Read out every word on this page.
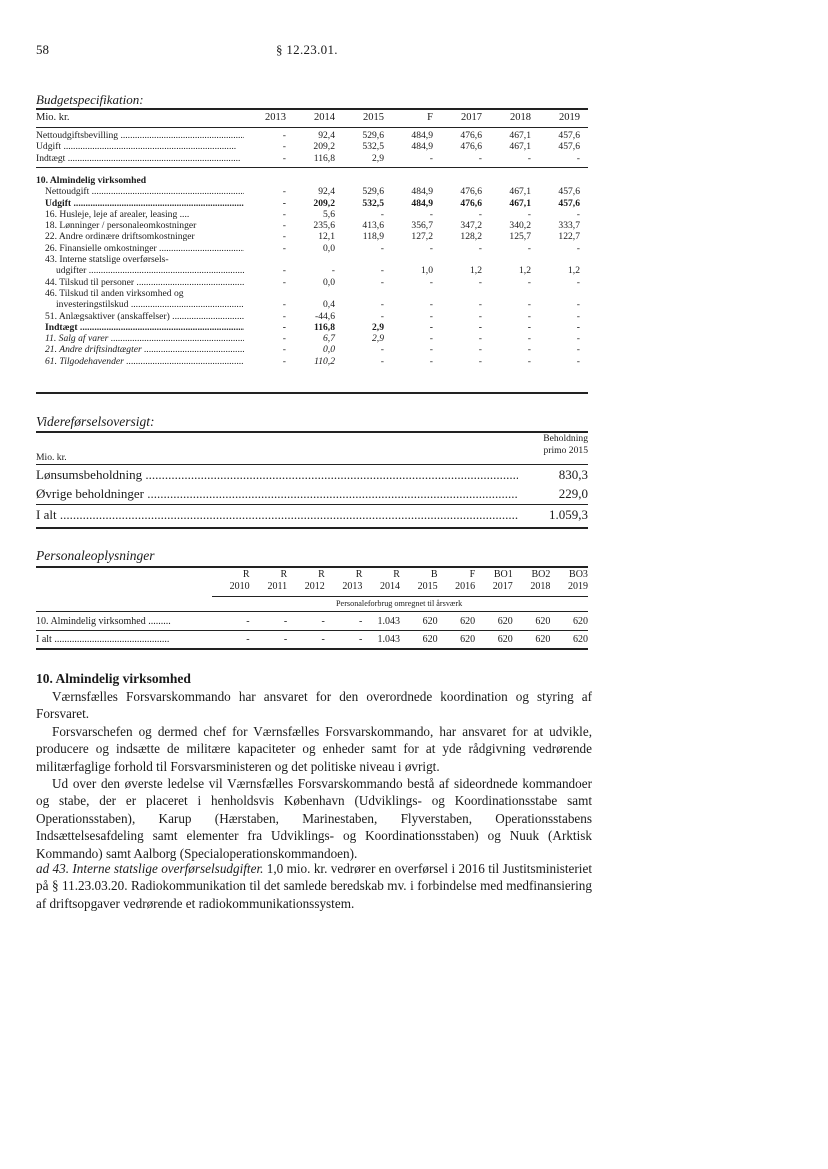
58	§ 12.23.01.
Budgetspecifikation:
Mio. kr.	2013	2014	2015	F	2017	2018	2019
Nettoudgiftsbevilling .....	-	92,4	529,6	484,9	476,6	467,1	457,6
Udgift .....	-	209,2	532,5	484,9	476,6	467,1	457,6
Indtægt .....	-	116,8	2,9	-	-	-	-
10. Almindelig virksomhed
Nettoudgift .....	-	92,4	529,6	484,9	476,6	467,1	457,6
Udgift .....	-	209,2	532,5	484,9	476,6	467,1	457,6
16. Husleje, leje af arealer, leasing ....	-	5,6	-	-	-	-	-
18. Lønninger / personaleomkostninger	-	235,6	413,6	356,7	347,2	340,2	333,7
22. Andre ordinære driftsomkostninger	-	12,1	118,9	127,2	128,2	125,7	122,7
26. Finansielle omkostninger .....	-	0,0	-	-	-	-	-
43. Interne statslige overførsels-
udgifter .....	-	-	-	1,0	1,2	1,2	1,2
44. Tilskud til personer .....	-	0,0	-	-	-	-	-
46. Tilskud til anden virksomhed og
investeringstilskud .....	-	0,4	-	-	-	-	-
51. Anlægsaktiver (anskaffelser) .....	-	-44,6	-	-	-	-	-
Indtægt .....	-	116,8	2,9	-	-	-	-
11. Salg af varer .....	-	6,7	2,9	-	-	-	-
21. Andre driftsindtægter .....	-	0,0	-	-	-	-	-
61. Tilgodehavender .....	-	110,2	-	-	-	-	-
Videreførselsoversigt:
Mio. kr.
Beholdning
primo 2015
Lønsumsbeholdning .....	830,3
Øvrige beholdninger .....	229,0
I alt .....	1.059,3
Personaleoplysninger
R	R	R	R	R	B	F	BO1	BO2	BO3
2010	2011	2012	2013	2014	2015	2016	2017	2018	2019
Personaleforbrug omregnet til årsværk
10. Almindelig virksomhed .........	-	-	-	-	1.043	620	620	620	620	620
I alt ..............................................	-	-	-	-	1.043	620	620	620	620	620
10. Almindelig virksomhed

Værnsfælles Forsvarskommando har ansvaret for den overordnede koordination og styring af Forsvaret.

Forsvarschefen og dermed chef for Værnsfælles Forsvarskommando, har ansvaret for at udvikle, producere og indsætte de militære kapaciteter og enheder samt for at yde rådgivning vedrørende militærfaglige forhold til Forsvarsministeren og det politiske niveau i øvrigt.

Ud over den øverste ledelse vil Værnsfælles Forsvarskommando bestå af sideordnede kommandoer og stabe, der er placeret i henholdsvis København (Udviklings- og Koordinationsstabe samt Operationsstaben), Karup (Hærstaben, Marinestaben, Flyverstaben, Operationsstabens Indsættelsesafdeling samt elementer fra Udviklings- og Koordinationsstaben) og Nuuk (Arktisk Kommando) samt Aalborg (Specialoperationskommandoen).

ad 43. Interne statslige overførselsudgifter. 1,0 mio. kr. vedrører en overførsel i 2016 til Justitsministeriet på § 11.23.03.20. Radiokommunikation til det samlede beredskab mv. i forbindelse med medfinansiering af driftsopgaver vedrørende et radiokommunikationssystem.
